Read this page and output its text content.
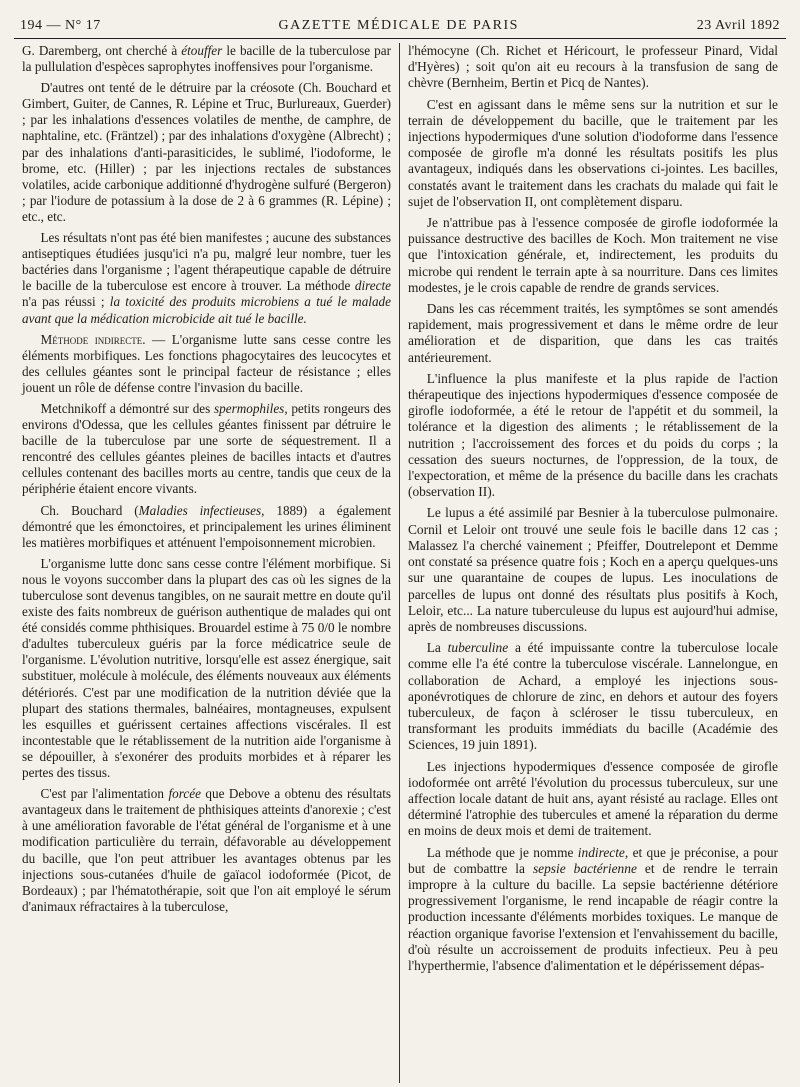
194 — N° 17	GAZETTE MÉDICALE DE PARIS	23 Avril 1892

G. Daremberg, ont cherché à étouffer le bacille de la tuberculose par la pullulation d'espèces saprophytes inoffensives pour l'organisme.

D'autres ont tenté de le détruire par la créosote (Ch. Bouchard et Gimbert, Guiter, de Cannes, R. Lépine et Truc, Burlureaux, Guerder) ; par les inhalations d'essences volatiles de menthe, de camphre, de naphtaline, etc. (Fräntzel) ; par des inhalations d'oxygène (Albrecht) ; par des inhalations d'anti-parasiticides, le sublimé, l'iodoforme, le brome, etc. (Hiller) ; par les injections rectales de substances volatiles, acide carbonique additionné d'hydrogène sulfuré (Bergeron) ; par l'iodure de potassium à la dose de 2 à 6 grammes (R. Lépine) ; etc., etc.

Les résultats n'ont pas été bien manifestes ; aucune des substances antiseptiques étudiées jusqu'ici n'a pu, malgré leur nombre, tuer les bactéries dans l'organisme ; l'agent thérapeutique capable de détruire le bacille de la tuberculose est encore à trouver. La méthode directe n'a pas réussi ; la toxicité des produits microbiens a tué le malade avant que la médication microbicide ait tué le bacille.

Méthode indirecte. — L'organisme lutte sans cesse contre les éléments morbifiques. Les fonctions phagocytaires des leucocytes et des cellules géantes sont le principal facteur de résistance ; elles jouent un rôle de défense contre l'invasion du bacille.

Metchnikoff a démontré sur des spermophiles, petits rongeurs des environs d'Odessa, que les cellules géantes finissent par détruire le bacille de la tuberculose par une sorte de séquestrement. Il a rencontré des cellules géantes pleines de bacilles intacts et d'autres cellules contenant des bacilles morts au centre, tandis que ceux de la périphérie étaient encore vivants.

Ch. Bouchard (Maladies infectieuses, 1889) a également démontré que les émonctoires, et principalement les urines éliminent les matières morbifiques et atténuent l'empoisonnement microbien.

L'organisme lutte donc sans cesse contre l'élément morbifique. Si nous le voyons succomber dans la plupart des cas où les signes de la tuberculose sont devenus tangibles, on ne saurait mettre en doute qu'il existe des faits nombreux de guérison authentique de malades qui ont été considés comme phthisiques. Brouardel estime à 75 0/0 le nombre d'adultes tuberculeux guéris par la force médicatrice seule de l'organisme. L'évolution nutritive, lorsqu'elle est assez énergique, sait substituer, molécule à molécule, des éléments nouveaux aux éléments détériorés. C'est par une modification de la nutrition déviée que la plupart des stations thermales, balnéaires, montagneuses, expulsent les esquilles et guérissent certaines affections viscérales. Il est incontestable que le rétablissement de la nutrition aide l'organisme à se dépouiller, à s'exonérer des produits morbides et à réparer les pertes des tissus.

C'est par l'alimentation forcée que Debove a obtenu des résultats avantageux dans le traitement de phthisiques atteints d'anorexie ; c'est à une amélioration favorable de l'état général de l'organisme et à une modification particulière du terrain, défavorable au développement du bacille, que l'on peut attribuer les avantages obtenus par les injections sous-cutanées d'huile de gaïacol iodoformée (Picot, de Bordeaux) ; par l'hématothérapie, soit que l'on ait employé le sérum d'animaux réfractaires à la tuberculose,

l'hémocyne (Ch. Richet et Héricourt, le professeur Pinard, Vidal d'Hyères) ; soit qu'on ait eu recours à la transfusion de sang de chèvre (Bernheim, Bertin et Picq de Nantes).

C'est en agissant dans le même sens sur la nutrition et sur le terrain de développement du bacille, que le traitement par les injections hypodermiques d'une solution d'iodoforme dans l'essence composée de girofle m'a donné les résultats positifs les plus avantageux, indiqués dans les observations ci-jointes. Les bacilles, constatés avant le traitement dans les crachats du malade qui fait le sujet de l'observation II, ont complètement disparu.

Je n'attribue pas à l'essence composée de girofle iodoformée la puissance destructive des bacilles de Koch. Mon traitement ne vise que l'intoxication générale, et, indirectement, les produits du microbe qui rendent le terrain apte à sa nourriture. Dans ces limites modestes, je le crois capable de rendre de grands services.

Dans les cas récemment traités, les symptômes se sont amendés rapidement, mais progressivement et dans le même ordre de leur amélioration et de disparition, que dans les cas traités antérieurement.

L'influence la plus manifeste et la plus rapide de l'action thérapeutique des injections hypodermiques d'essence composée de girofle iodoformée, a été le retour de l'appétit et du sommeil, la tolérance et la digestion des aliments ; le rétablissement de la nutrition ; l'accroissement des forces et du poids du corps ; la cessation des sueurs nocturnes, de l'oppression, de la toux, de l'expectoration, et même de la présence du bacille dans les crachats (observation II).

Le lupus a été assimilé par Besnier à la tuberculose pulmonaire. Cornil et Leloir ont trouvé une seule fois le bacille dans 12 cas ; Malassez l'a cherché vainement ; Pfeiffer, Doutrelepont et Demme ont constaté sa présence quatre fois ; Koch en a aperçu quelques-uns sur une quarantaine de coupes de lupus. Les inoculations de parcelles de lupus ont donné des résultats plus positifs à Koch, Leloir, etc... La nature tuberculeuse du lupus est aujourd'hui admise, après de nombreuses discussions.

La tuberculine a été impuissante contre la tuberculose locale comme elle l'a été contre la tuberculose viscérale. Lannelongue, en collaboration de Achard, a employé les injections sous-aponévrotiques de chlorure de zinc, en dehors et autour des foyers tuberculeux, de façon à scléroser le tissu tuberculeux, en transformant les produits immédiats du bacille (Académie des Sciences, 19 juin 1891).

Les injections hypodermiques d'essence composée de girofle iodoformée ont arrêté l'évolution du processus tuberculeux, sur une affection locale datant de huit ans, ayant résisté au raclage. Elles ont déterminé l'atrophie des tubercules et amené la réparation du derme en moins de deux mois et demi de traitement.

La méthode que je nomme indirecte, et que je préconise, a pour but de combattre la sepsie bactérienne et de rendre le terrain impropre à la culture du bacille. La sepsie bactérienne détériore progressivement l'organisme, le rend incapable de réagir contre la production incessante d'éléments morbides toxiques. Le manque de réaction organique favorise l'extension et l'envahissement du bacille, d'où résulte un accroissement de produits infectieux. Peu à peu l'hyperthermie, l'absence d'alimentation et le dépérissement dépas-
